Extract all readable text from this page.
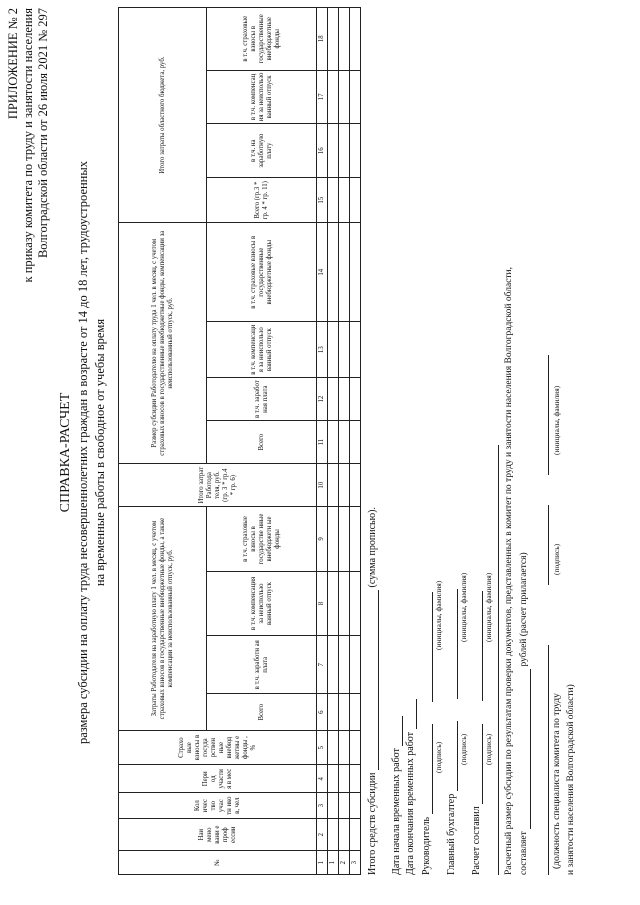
ПРИЛОЖЕНИЕ № 2 к приказу комитета по труду и занятости населения Волгоградской области от 26 июля 2021 № 297
СПРАВКА-РАСЧЕТ размера субсидии на оплату труда несовершеннолетних граждан в возрасте от 14 до 18 лет, трудоустроенных на временные работы в свободное от учебы время
№	Наи мено вани е проф ессии	Кол ичес тво учас тн ико в, чел	Пери од участи я в мес	Страхо вые взносы в госуда рствен ные внебюд жетны е фонды , %	Затраты Работодателя на заработную плату 1 чел. в месяц, с учетом страховых взносов в государственные внебюджетные фонды, а также компенсации за неиспользованный отпуск, руб.				Итого затрат Работода теля, руб. (гр. 3 * гр.4 * гр. 6)	Размер субсидии Работодателю на оплату труда 1 чел. в месяц, с учетом страховых взносов в государственные внебюджетные фонды, компенсации за неиспользованный отпуск, руб.				Итого затраты областного бюджета, руб.			
					Всего	в т.ч. заработн ая плата	в т.ч. компенсация за неиспользо ванный отпуск	в т.ч. страховые взносы в государстве нные внебюджетн ые фонды		Всего	в т.ч. заработ ная плата	в т.ч. компенсаци я за неиспользо ванный отпуск	в т.ч. страховые взносы в государственные внебюджетные фонды	Всего (гр.3 * гр. 4 * гр. 11)	в т.ч. на заработную плату	в т.ч. компенсац ия за неиспользо ванный отпуск	в т.ч. страховые взносы в государственные внебюджетные фонды
1	2	3	4	5	6	7	8	9	10	11	12	13	14	15	16	17	18
1																	
2																	
3																	Итого средств субсидии  (сумма прописью).
Дата начала временных работ Дата окончания временных работ Руководитель
(подпись) (инициалы, фамилия)
Главный бухгалтер
(подпись) (инициалы, фамилия)
Расчет составил
(подпись) (инициалы, фамилия) Расчетный размер субсидии по результатам проверки документов, представленных в комитет по труду и занятости населения Волгоградской области, составляет  рублей (расчет прилагается)
(должность специалиста комитета по труду и занятости населения Волгоградской области)
(подпись)
(инициалы, фамилия)
